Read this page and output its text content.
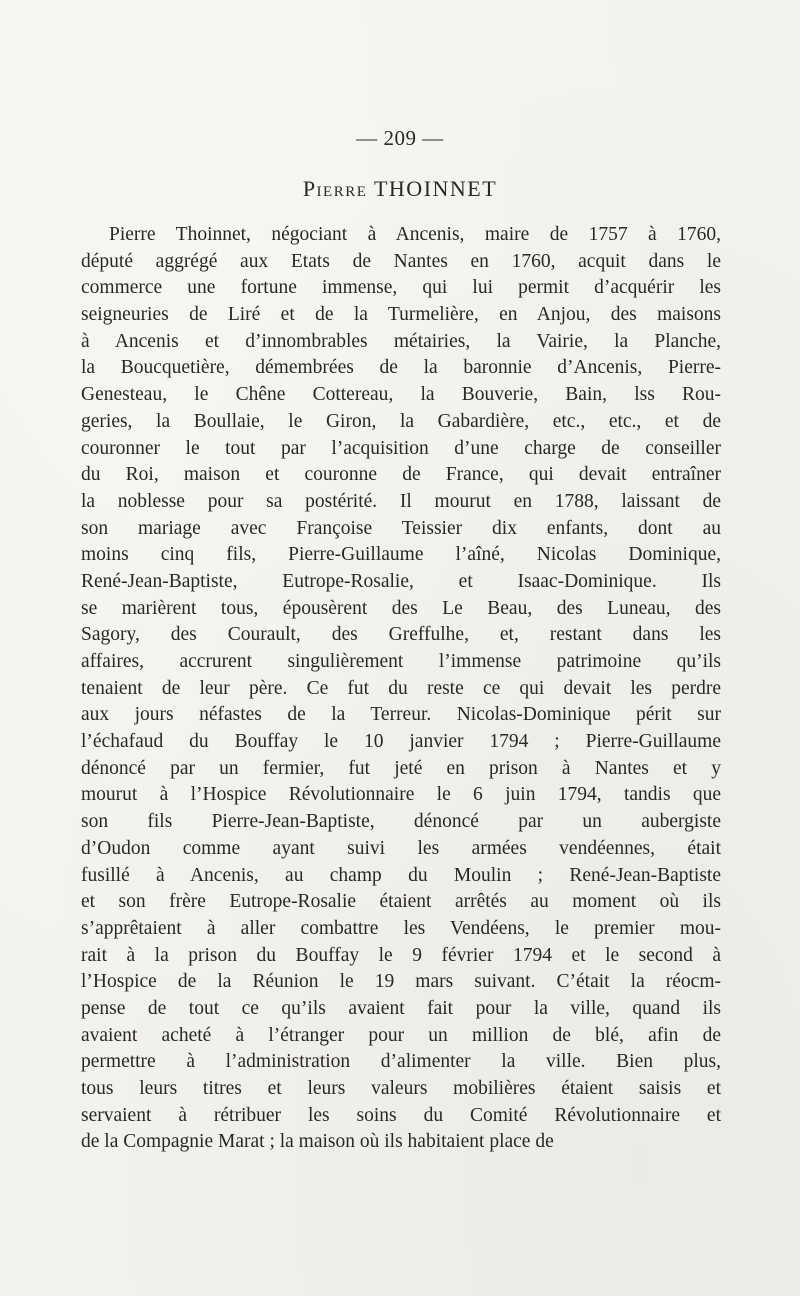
— 209 —
Pierre THOINNET
Pierre Thoinnet, négociant à Ancenis, maire de 1757 à 1760,
député aggrégé aux Etats de Nantes en 1760, acquit dans le
commerce une fortune immense, qui lui permit d’acquérir les
seigneuries de Liré et de la Turmelière, en Anjou, des maisons
à Ancenis et d’innombrables métairies, la Vairie, la Planche,
la Boucquetière, démembrées de la baronnie d’Ancenis, Pierre-
Genesteau, le Chêne Cottereau, la Bouverie, Bain, lss Rou-
geries, la Boullaie, le Giron, la Gabardière, etc., etc., et de
couronner le tout par l’acquisition d’une charge de conseiller
du Roi, maison et couronne de France, qui devait entraîner
la noblesse pour sa postérité. Il mourut en 1788, laissant de
son mariage avec Françoise Teissier dix enfants, dont au
moins cinq fils, Pierre-Guillaume l’aîné, Nicolas Dominique,
René-Jean-Baptiste, Eutrope-Rosalie, et Isaac-Dominique. Ils
se marièrent tous, épousèrent des Le Beau, des Luneau, des
Sagory, des Courault, des Greffulhe, et, restant dans les
affaires, accrurent singulièrement l’immense patrimoine qu’ils
tenaient de leur père. Ce fut du reste ce qui devait les perdre
aux jours néfastes de la Terreur. Nicolas-Dominique périt sur
l’échafaud du Bouffay le 10 janvier 1794 ; Pierre-Guillaume
dénoncé par un fermier, fut jeté en prison à Nantes et y
mourut à l’Hospice Révolutionnaire le 6 juin 1794, tandis que
son fils Pierre-Jean-Baptiste, dénoncé par un aubergiste
d’Oudon comme ayant suivi les armées vendéennes, était
fusillé à Ancenis, au champ du Moulin ; René-Jean-Baptiste
et son frère Eutrope-Rosalie étaient arrêtés au moment où ils
s’apprêtaient à aller combattre les Vendéens, le premier mou-
rait à la prison du Bouffay le 9 février 1794 et le second à
l’Hospice de la Réunion le 19 mars suivant. C’était la réocm-
pense de tout ce qu’ils avaient fait pour la ville, quand ils
avaient acheté à l’étranger pour un million de blé, afin de
permettre à l’administration d’alimenter la ville. Bien plus,
tous leurs titres et leurs valeurs mobilières étaient saisis et
servaient à rétribuer les soins du Comité Révolutionnaire et
de la Compagnie Marat ; la maison où ils habitaient place de
